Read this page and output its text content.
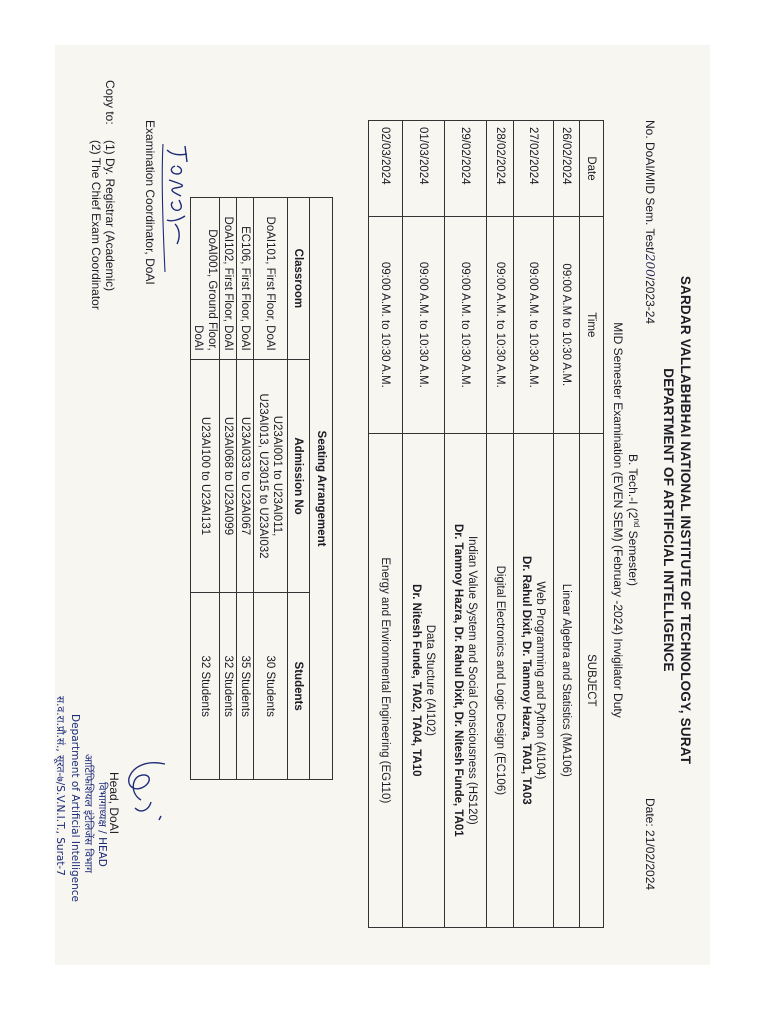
SARDAR VALLABHBHAI NATIONAL INSTITUTE OF TECHNOLOGY, SURAT
DEPARTMENT OF ARTIFICIAL INTELLIGENCE
No. DoAI/MID Sem. Test/200/2023-24
Date: 21/02/2024
B. Tech.-I (2nd Semester)
MID Semester Examination (EVEN SEM) (February -2024) Invigilator Duty
Date	Time	SUBJECT
26/02/2024	09:00 A.M to 10:30 A.M.	Linear Algebra and Statistics (MA106)

27/02/2024	09:00 A.M. to 10:30 A.M.	Web Programming and Python (AI104)
Dr. Rahul Dixit, Dr. Tanmoy Hazra, TA01, TA03

28/02/2024	09:00 A.M. to 10:30 A.M.	Digital Electronics and Logic Design (EC106)

29/02/2024	09:00 A.M. to 10:30 A.M.	Indian Value System and Social Consciousness (HS120)
Dr. Tanmoy Hazra, Dr. Rahul Dixit, Dr. Nitesh Funde, TA01

01/03/2024	09:00 A.M. to 10:30 A.M.	Data Stucture (AI102)
Dr. Nitesh Funde, TA02, TA04, TA10

02/03/2024	09:00 A.M. to 10:30 A.M.	Energy and Environmental Engineering (EG110)
Seating Arrangement		
Classroom	Admission No	Students
DoAI101, First Floor, DoAI	U23AI001 to U23AI011,
U23AI013, U23015 to U23AI032	30 Students
EC106, First Floor, DoAI	U23AI033 to U23AI067	35 Students
DoAI102, First Floor, DoAI	U23AI068 to U23AI099	32 Students
DoAI001, Ground Floor, DoAI	U23AI100 to U23AI131	32 Students
Examination Coordinator, DoAI
Head, DoAI
Copy to:
(1) Dy. Registrar (Academic)
(2) The Chief Exam Coordinator
विभागाध्यक्ष / HEAD
आर्टिफिशियल इंटेलिजेंस विभाग
Department of Artificial Intelligence
स.व.रा.प्रौ.सं., सूरत-७/S.V.N.I.T., Surat-7
